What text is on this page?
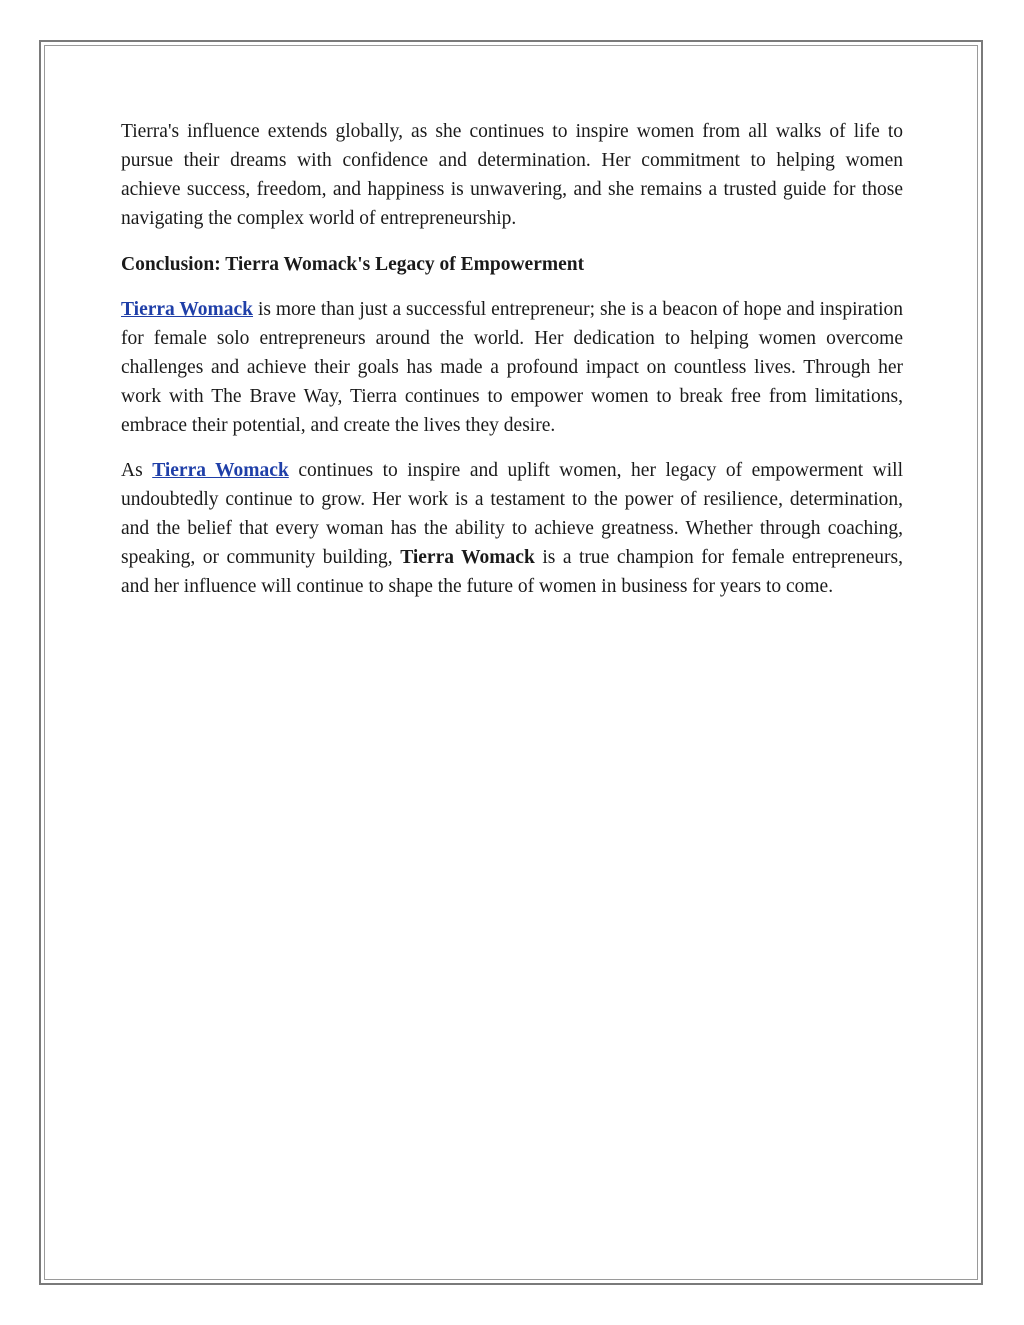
Tierra's influence extends globally, as she continues to inspire women from all walks of life to pursue their dreams with confidence and determination. Her commitment to helping women achieve success, freedom, and happiness is unwavering, and she remains a trusted guide for those navigating the complex world of entrepreneurship.

Conclusion: Tierra Womack's Legacy of Empowerment

Tierra Womack is more than just a successful entrepreneur; she is a beacon of hope and inspiration for female solo entrepreneurs around the world. Her dedication to helping women overcome challenges and achieve their goals has made a profound impact on countless lives. Through her work with The Brave Way, Tierra continues to empower women to break free from limitations, embrace their potential, and create the lives they desire.

As Tierra Womack continues to inspire and uplift women, her legacy of empowerment will undoubtedly continue to grow. Her work is a testament to the power of resilience, determination, and the belief that every woman has the ability to achieve greatness. Whether through coaching, speaking, or community building, Tierra Womack is a true champion for female entrepreneurs, and her influence will continue to shape the future of women in business for years to come.
